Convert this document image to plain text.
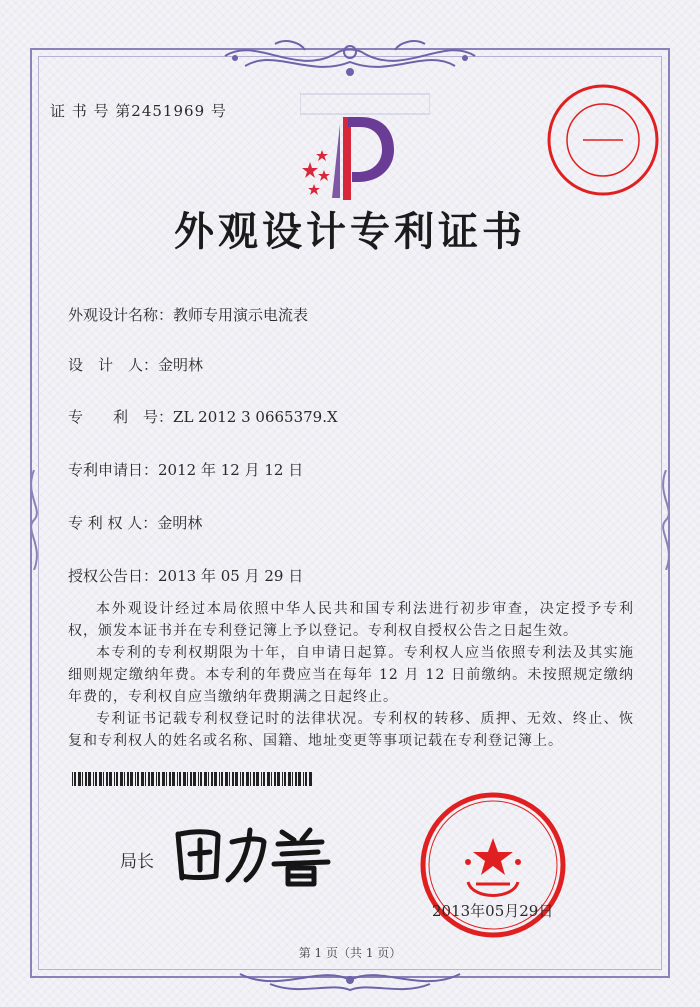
证 书 号 第2451969 号
外观设计专利证书
外观设计名称：教师专用演示电流表
设　计　人：金明林
专　　利　号：ZL 2012 3 0665379.X
专利申请日：2012 年 12 月 12 日
专 利 权 人：金明林
授权公告日：2013 年 05 月 29 日

本外观设计经过本局依照中华人民共和国专利法进行初步审查，决定授予专利权，颁发本证书并在专利登记簿上予以登记。专利权自授权公告之日起生效。

本专利的专利权期限为十年，自申请日起算。专利权人应当依照专利法及其实施细则规定缴纳年费。本专利的年费应当在每年 12 月 12 日前缴纳。未按照规定缴纳年费的，专利权自应当缴纳年费期满之日起终止。

专利证书记载专利权登记时的法律状况。专利权的转移、质押、无效、终止、恢复和专利权人的姓名或名称、国籍、地址变更等事项记载在专利登记簿上。

局长
2013年05月29日
第 1 页（共 1 页）
